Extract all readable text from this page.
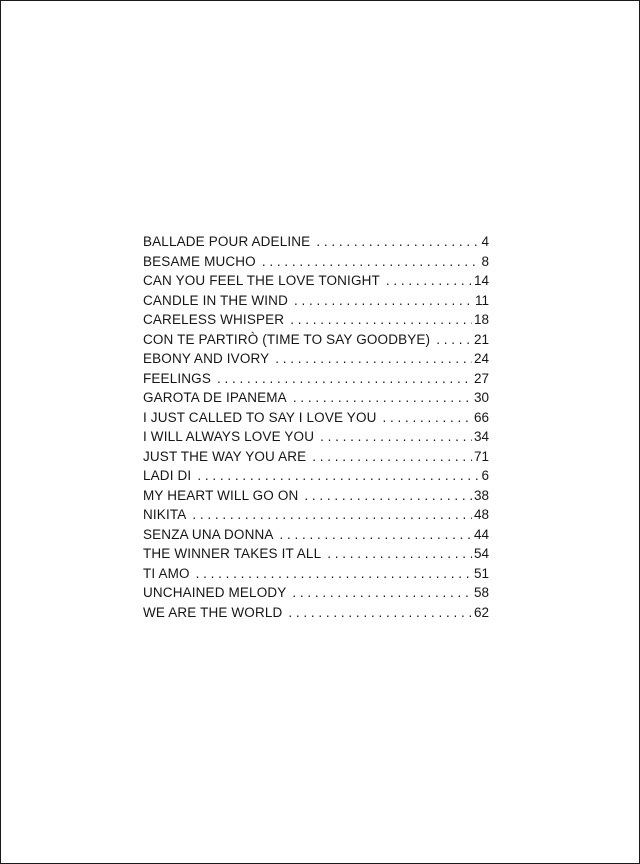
BALLADE POUR ADELINE . . .	4
BESAME MUCHO . . .	8
CAN YOU FEEL THE LOVE TONIGHT . . .	14
CANDLE IN THE WIND . . .	11
CARELESS WHISPER . . .	18
CON TE PARTIRÒ (TIME TO SAY GOODBYE) . . .	21
EBONY AND IVORY . . .	24
FEELINGS . . .	27
GAROTA DE IPANEMA . . .	30
I JUST CALLED TO SAY I LOVE YOU . . .	66
I WILL ALWAYS LOVE YOU . . .	34
JUST THE WAY YOU ARE . . .	71
LADI DI . . .	6
MY HEART WILL GO ON . . .	38
NIKITA . . .	48
SENZA UNA DONNA . . .	44
THE WINNER TAKES IT ALL . . .	54
TI AMO . . .	51
UNCHAINED MELODY . . .	58
WE ARE THE WORLD . . .	62
